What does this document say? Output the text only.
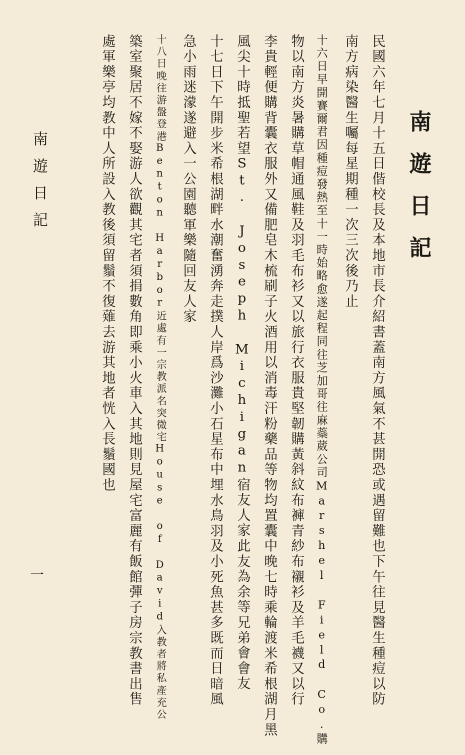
南遊日記
民國六年七月十五日偕校長及本地市長介紹書蓋南方風氣不甚開恐或遇留難也下午往見醫生種痘以防
南方病染醫生囑每星期種一次三次後乃止
十六日早開賽爾君因種痘發熱至十一時始略愈遂起程同往芝加哥往麻蘂葳公司Marshel Field Co.購
物以南方炎暑購草帽通風鞋及羽毛布衫又以旅行衣服貴堅韌購黃斜紋布褲青紗布襯衫及羊毛襪又以行
李貴輕便購背囊衣服外又備肥皂木梳刷子火酒用以消毒汗粉藥品等物均置囊中晚七時乘輪渡米希根湖月黑
風尖十時抵聖若望St. Joseph Michigan宿友人家此友為余等兄弟會會友
十七日下午開步米希根湖畔水潮奮湧奔走撲人岸爲沙灘小石星布中埋水鳥羽及小死魚甚多既而日暗風
急小雨迷濛遂避入一公園聽軍樂隨回友人家
十八日晚往游盤登港Benton Harbor近處有一宗教派名突微宅House of David入教者將私產充公
築室聚居不嫁不娶游人欲觀其宅者須捐數角即乘小火車入其地則見屋宅富麗有飯館彈子房宗教書出售
處軍樂亭均教中人所設入教後須留鬚不復薙去游其地者恍入長鬚國也
南遊日記
一
